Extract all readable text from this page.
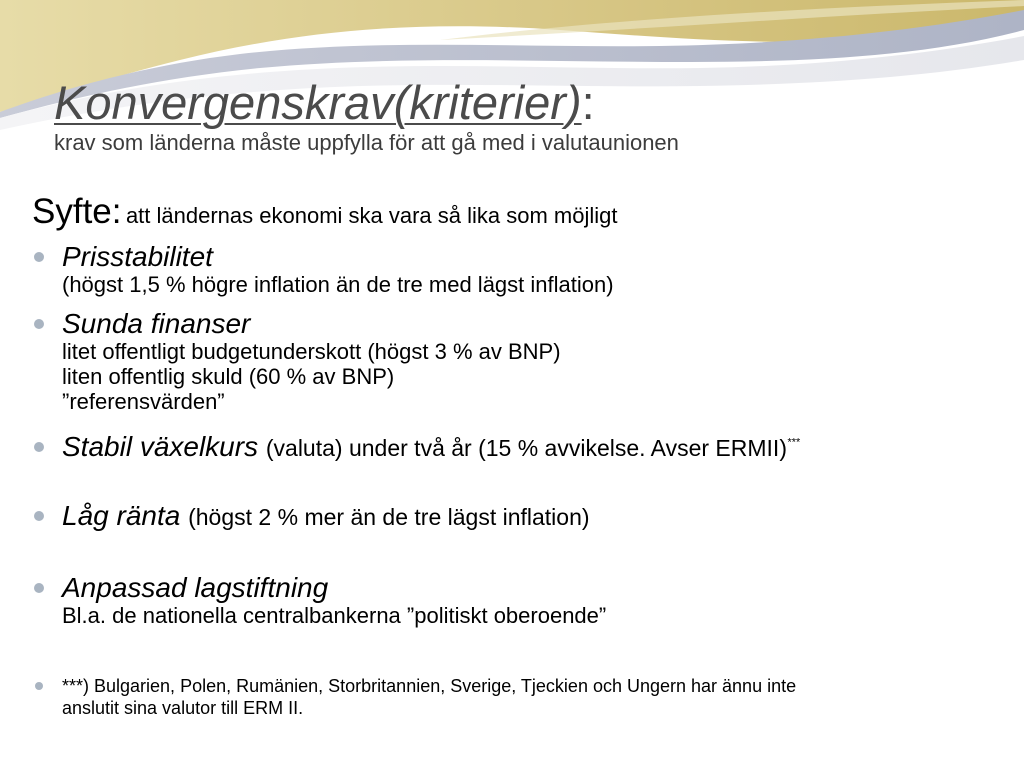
Konvergenskrav(kriterier):
krav som länderna måste uppfylla för att gå med i valutaunionen
Syfte: att ländernas ekonomi ska vara så lika som möjligt
Prisstabilitet
(högst 1,5 % högre inflation än de tre med lägst inflation)
Sunda finanser
litet offentligt budgetunderskott (högst 3 % av BNP)
liten offentlig skuld (60 % av BNP)
”referensvärden”
Stabil växelkurs (valuta) under två år (15 % avvikelse. Avser ERMII)***
Låg ränta (högst 2 % mer än de tre lägst inflation)
Anpassad lagstiftning
Bl.a. de nationella centralbankerna ”politiskt oberoende”
***) Bulgarien, Polen, Rumänien, Storbritannien, Sverige, Tjeckien och Ungern har ännu inte
anslutit sina valutor till ERM II.
